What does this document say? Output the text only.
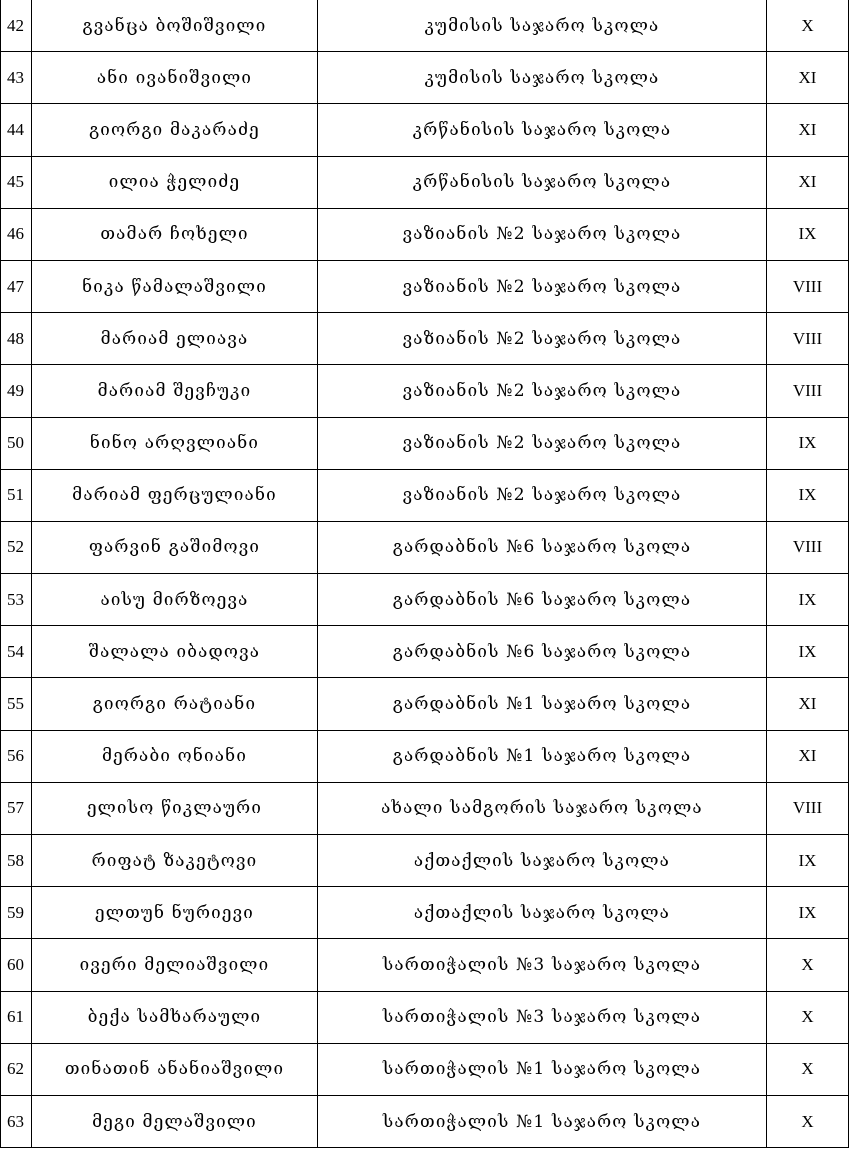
42	გვანცა ბოშიშვილი	კუმისის საჯარო სკოლა	X
43	ანი ივანიშვილი	კუმისის საჯარო სკოლა	XI
44	გიორგი მაკარაძე	კრწანისის საჯარო სკოლა	XI
45	ილია ჭელიძე	კრწანისის საჯარო სკოლა	XI
46	თამარ ჩოხელი	ვაზიანის №2 საჯარო სკოლა	IX
47	ნიკა წამალაშვილი	ვაზიანის №2 საჯარო სკოლა	VIII
48	მარიამ ელიავა	ვაზიანის №2 საჯარო სკოლა	VIII
49	მარიამ შევჩუკი	ვაზიანის №2 საჯარო სკოლა	VIII
50	ნინო არღვლიანი	ვაზიანის №2 საჯარო სკოლა	IX
51	მარიამ ფერცულიანი	ვაზიანის №2 საჯარო სკოლა	IX
52	ფარვინ გაშიმოვი	გარდაბნის №6 საჯარო სკოლა	VIII
53	აისუ მირზოევა	გარდაბნის №6 საჯარო სკოლა	IX
54	შალალა იბადოვა	გარდაბნის №6 საჯარო სკოლა	IX
55	გიორგი რატიანი	გარდაბნის №1 საჯარო სკოლა	XI
56	მერაბი ონიანი	გარდაბნის №1 საჯარო სკოლა	XI
57	ელისო წიკლაური	ახალი სამგორის საჯარო სკოლა	VIII
58	რიფატ ზაკეტოვი	აქთაქლის საჯარო სკოლა	IX
59	ელთუნ ნურიევი	აქთაქლის საჯარო სკოლა	IX
60	ივერი მელიაშვილი	სართიჭალის №3 საჯარო სკოლა	X
61	ბექა სამხარაული	სართიჭალის №3 საჯარო სკოლა	X
62	თინათინ ანანიაშვილი	სართიჭალის №1 საჯარო სკოლა	X
63	მეგი მელაშვილი	სართიჭალის №1 საჯარო სკოლა	X
